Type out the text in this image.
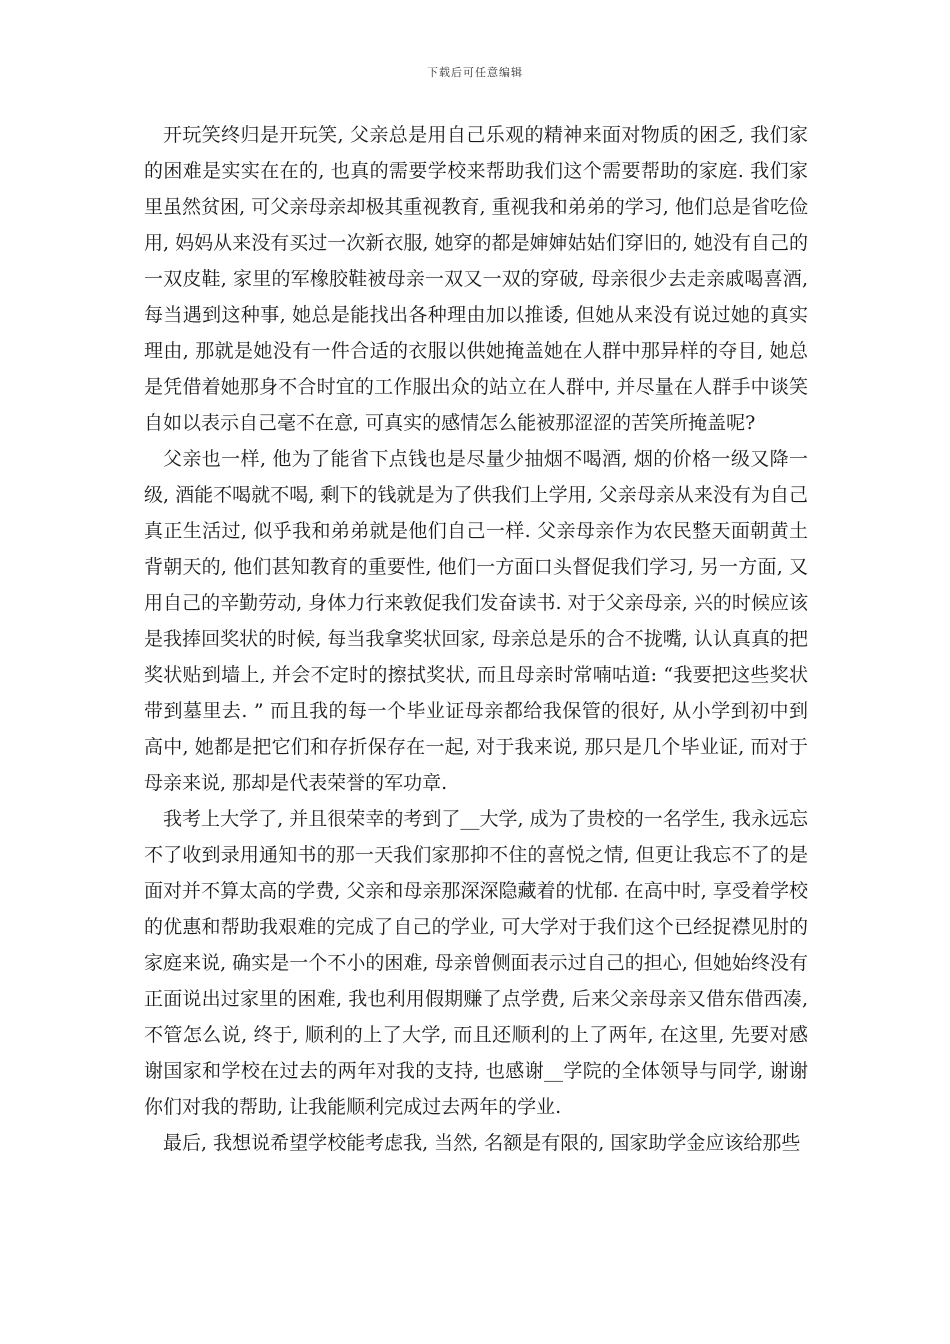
下载后可任意编辑

开玩笑终归是开玩笑, 父亲总是用自己乐观的精神来面对物质的困乏, 我们家的困难是实实在在的, 也真的需要学校来帮助我们这个需要帮助的家庭. 我们家里虽然贫困, 可父亲母亲却极其重视教育, 重视我和弟弟的学习, 他们总是省吃俭用, 妈妈从来没有买过一次新衣服, 她穿的都是婶婶姑姑们穿旧的, 她没有自己的一双皮鞋, 家里的军橡胶鞋被母亲一双又一双的穿破, 母亲很少去走亲戚喝喜酒, 每当遇到这种事, 她总是能找出各种理由加以推诿, 但她从来没有说过她的真实理由, 那就是她没有一件合适的衣服以供她掩盖她在人群中那异样的夺目, 她总是凭借着她那身不合时宜的工作服出众的站立在人群中, 并尽量在人群手中谈笑自如以表示自己毫不在意, 可真实的感情怎么能被那涩涩的苦笑所掩盖呢?

父亲也一样, 他为了能省下点钱也是尽量少抽烟不喝酒, 烟的价格一级又降一级, 酒能不喝就不喝, 剩下的钱就是为了供我们上学用, 父亲母亲从来没有为自己真正生活过, 似乎我和弟弟就是他们自己一样. 父亲母亲作为农民整天面朝黄土背朝天的, 他们甚知教育的重要性, 他们一方面口头督促我们学习, 另一方面, 又用自己的辛勤劳动, 身体力行来敦促我们发奋读书. 对于父亲母亲, 兴的时候应该是我捧回奖状的时候, 每当我拿奖状回家, 母亲总是乐的合不拢嘴, 认认真真的把奖状贴到墙上, 并会不定时的擦拭奖状, 而且母亲时常喃咕道: “我要把这些奖状带到墓里去. ” 而且我的每一个毕业证母亲都给我保管的很好, 从小学到初中到高中, 她都是把它们和存折保存在一起, 对于我来说, 那只是几个毕业证, 而对于母亲来说, 那却是代表荣誉的军功章.

我考上大学了, 并且很荣幸的考到了__大学, 成为了贵校的一名学生, 我永远忘不了收到录用通知书的那一天我们家那抑不住的喜悦之情, 但更让我忘不了的是面对并不算太高的学费, 父亲和母亲那深深隐藏着的忧郁. 在高中时, 享受着学校的优惠和帮助我艰难的完成了自己的学业, 可大学对于我们这个已经捉襟见肘的家庭来说, 确实是一个不小的困难, 母亲曾侧面表示过自己的担心, 但她始终没有正面说出过家里的困难, 我也利用假期赚了点学费, 后来父亲母亲又借东借西凑, 不管怎么说, 终于, 顺利的上了大学, 而且还顺利的上了两年, 在这里, 先要对感谢国家和学校在过去的两年对我的支持, 也感谢__学院的全体领导与同学, 谢谢你们对我的帮助, 让我能顺利完成过去两年的学业.

最后, 我想说希望学校能考虑我, 当然, 名额是有限的, 国家助学金应该给那些
